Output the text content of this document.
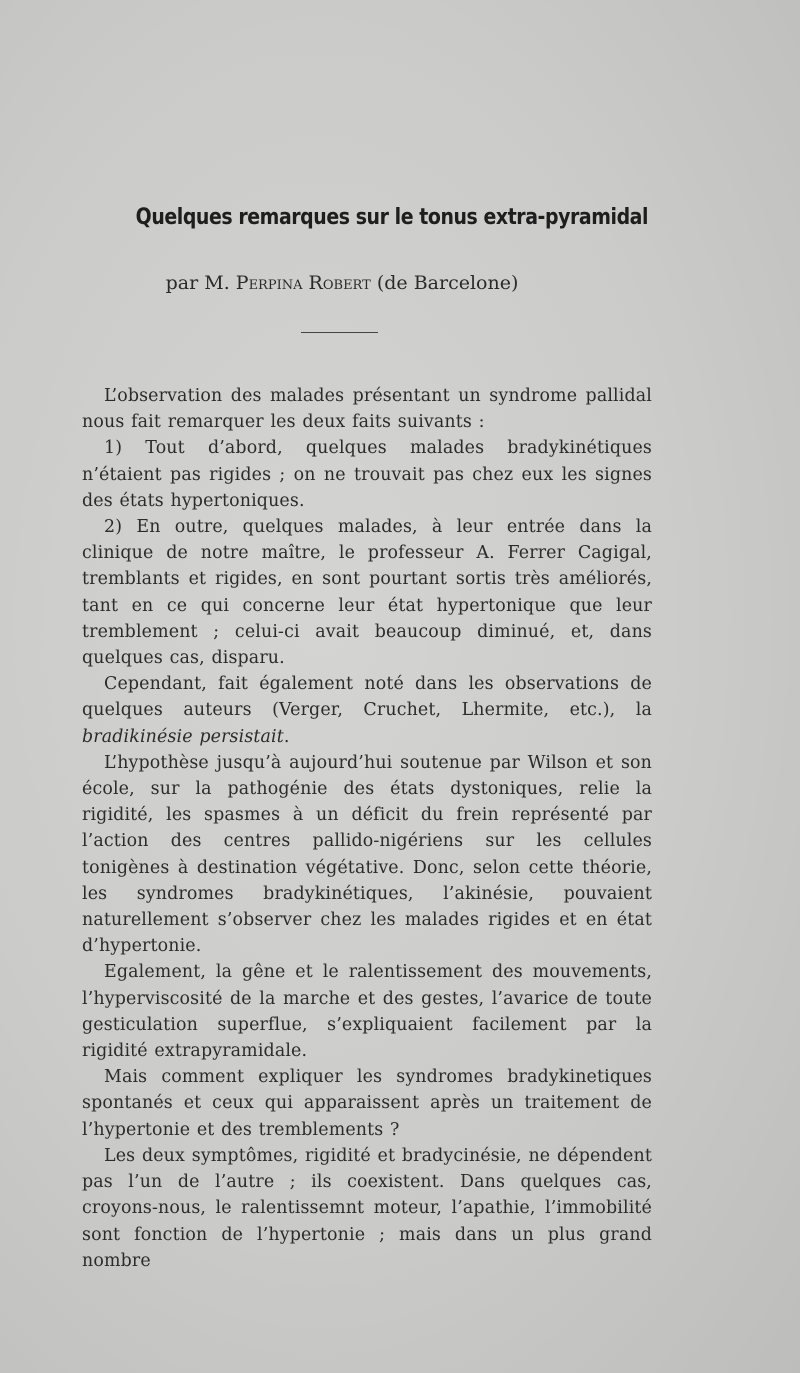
Quelques remarques sur le tonus extra-pyramidal
par M. Perpina Robert (de Barcelone)

L’observation des malades présentant un syndrome pallidal nous fait remarquer les deux faits suivants :

1) Tout d’abord, quelques malades bradykinétiques n’étaient pas rigides ; on ne trouvait pas chez eux les signes des états hypertoniques.

2) En outre, quelques malades, à leur entrée dans la clinique de notre maître, le professeur A. Ferrer Cagigal, tremblants et rigides, en sont pourtant sortis très améliorés, tant en ce qui concerne leur état hypertonique que leur tremblement ; celui-ci avait beaucoup diminué, et, dans quelques cas, disparu.

Cependant, fait également noté dans les observations de quelques auteurs (Verger, Cruchet, Lhermite, etc.), la bradikinésie persistait.

L’hypothèse jusqu’à aujourd’hui soutenue par Wilson et son école, sur la pathogénie des états dystoniques, relie la rigidité, les spasmes à un déficit du frein représenté par l’action des centres pallido-nigériens sur les cellules tonigènes à destination végétative. Donc, selon cette théorie, les syndromes bradykinétiques, l’akinésie, pouvaient naturellement s’observer chez les malades rigides et en état d’hypertonie.

Egalement, la gêne et le ralentissement des mouvements, l’hyperviscosité de la marche et des gestes, l’avarice de toute gesticulation superflue, s’expliquaient facilement par la rigidité extrapyramidale.

Mais comment expliquer les syndromes bradykinetiques spontanés et ceux qui apparaissent après un traitement de l’hypertonie et des tremblements ?

Les deux symptômes, rigidité et bradycinésie, ne dépendent pas l’un de l’autre ; ils coexistent. Dans quelques cas, croyons-nous, le ralentissemnt moteur, l’apathie, l’immobilité sont fonction de l’hypertonie ; mais dans un plus grand nombre
